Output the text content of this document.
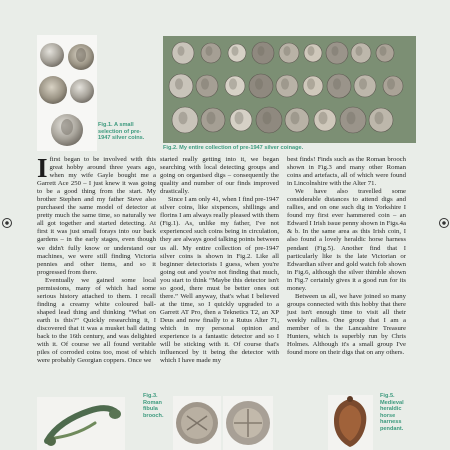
Fig.1. A small
selection of pre-
1947 silver coins.
Fig.2. My entire collection of pre-1947 silver coinage.

Ifirst began to be involved with this great hobby around three years ago, when my wife Gayle bought me a Garrett Ace 250 – I just knew it was going to be a good thing from the start. My brother Stephen and my father Steve also purchased the same model of detector at pretty much the same time, so naturally we all got together and started detecting. At first it was just small forays into our back gardens – in the early stages, even though we didn't fully know or understand our machines, we were still finding Victoria pennies and other items, and so it progressed from there.

Eventually we gained some local permissions, many of which had some serious history attached to them. I recall finding a creamy white coloured ball-shaped lead thing and thinking “What on earth is this?” Quickly researching it, I discovered that it was a musket ball dating back to the 16th century, and was delighted with it. Of course we all found veritable piles of corroded coins too, most of which were probably Georgian coppers. Once we

started really getting into it, we began searching with local detecting groups and going on organised digs – consequently the quality and number of our finds improved drastically.

Since I am only 41, when I find pre-1947 silver coins, like sixpences, shillings and florins I am always really pleased with them (Fig.1). As, unlike my father, I've not experienced such coins being in circulation, they are always good talking points between us all. My entire collection of pre-1947 silver coins is shown in Fig.2. Like all beginner detectorists I guess, when you're going out and you're not finding that much, you start to think “Maybe this detector isn't so good, there must be better ones out there.” Well anyway, that's what I believed at the time, so I quickly upgraded to a Garrett AT Pro, then a Teknetics T2, an XP Deus and now finally to a Rutus Alter 71, which in my personal opinion and experience is a fantastic detector and so I will be sticking with it. Of course that's influenced by it being the detector with which I have made my

best finds! Finds such as the Roman brooch shown in Fig.3 and many other Roman coins and artefacts, all of which were found in Lincolnshire with the Alter 71.

We have also travelled some considerable distances to attend digs and rallies, and on one such dig in Yorkshire I found my first ever hammered coin – an Edward I Irish issue penny shown in Figs.4a & b. In the same area as this Irish coin, I also found a lovely heraldic horse harness pendant (Fig.5). Another find that I particularly like is the late Victorian or Edwardian silver and gold watch fob shown in Fig.6, although the silver thimble shown in Fig.7 certainly gives it a good run for its money.

Between us all, we have joined so many groups connected with this hobby that there just isn't enough time to visit all their weekly rallies. One group that I am a member of is the Lancashire Treasure Hunters, which is superbly run by Chris Holmes. Although it's a small group I've found more on their digs that on any others.

Fig.3.
Roman
fibula
brooch.
Fig.5.
Medieval
heraldic
horse
harness
pendant.
